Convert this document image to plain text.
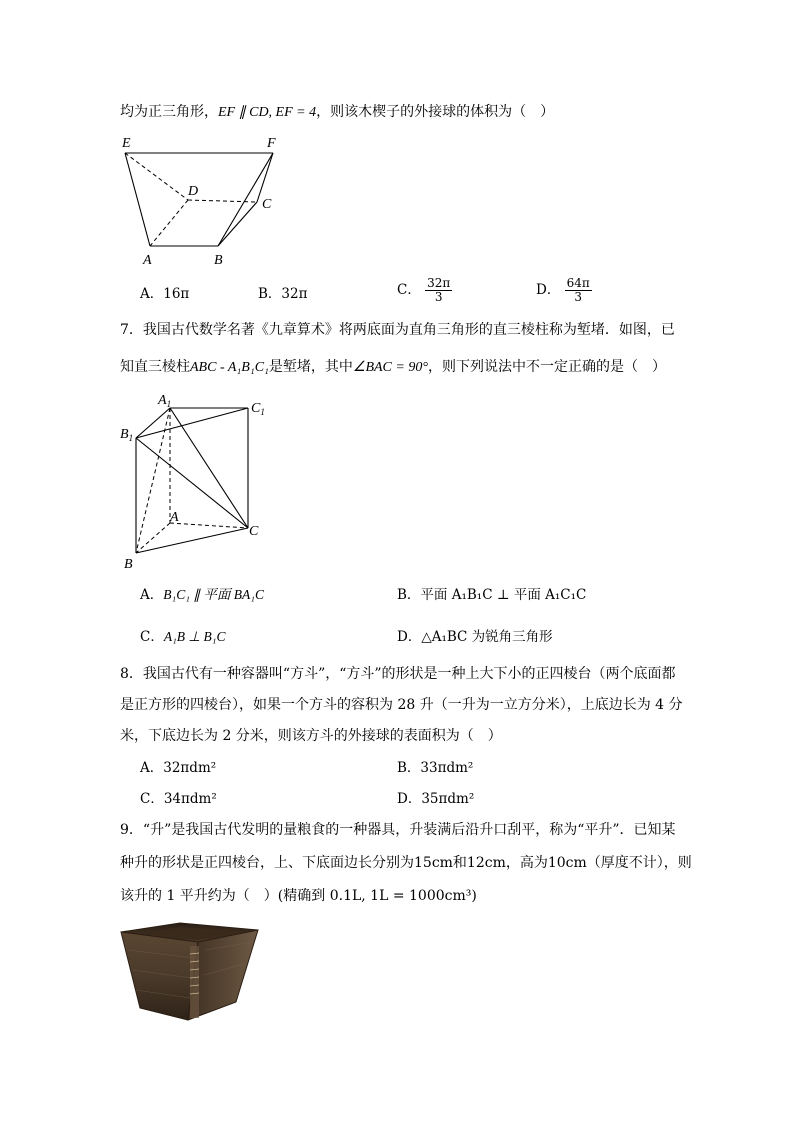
均为正三角形，EF ∥ CD, EF = 4，则该木楔子的外接球的体积为（　）
E	F
D
C
A	B
A．16π	B．32π	C． $\frac{32\pi}{3}$	D． $\frac{64\pi}{3}$
7．我国古代数学名著《九章算术》将两底面为直角三角形的直三棱柱称为堑堵．如图，已
知直三棱柱ABC - A₁B₁C₁是堑堵，其中∠BAC = 90°，则下列说法中不一定正确的是（　）
$A_1$	$C_1$
$B_1$
A
C
B
A．B₁C₁ ∥ 平面 BA₁C	B．平面 A₁B₁C ⊥ 平面 A₁C₁C
C．A₁B ⊥ B₁C	D．△A₁BC 为锐角三角形
8．我国古代有一种容器叫“方斗”，“方斗”的形状是一种上大下小的正四棱台（两个底面都
是正方形的四棱台），如果一个方斗的容积为 28 升（一升为一立方分米），上底边长为 4 分
米，下底边长为 2 分米，则该方斗的外接球的表面积为（　）
A．32πdm²	B．33πdm²
C．34πdm²	D．35πdm²
9．“升”是我国古代发明的量粮食的一种器具，升装满后沿升口刮平，称为“平升”．已知某
种升的形状是正四棱台，上、下底面边长分别为15cm和12cm，高为10cm（厚度不计），则
该升的 1 平升约为（　）(精确到 0.1L, 1L = 1000cm³)
